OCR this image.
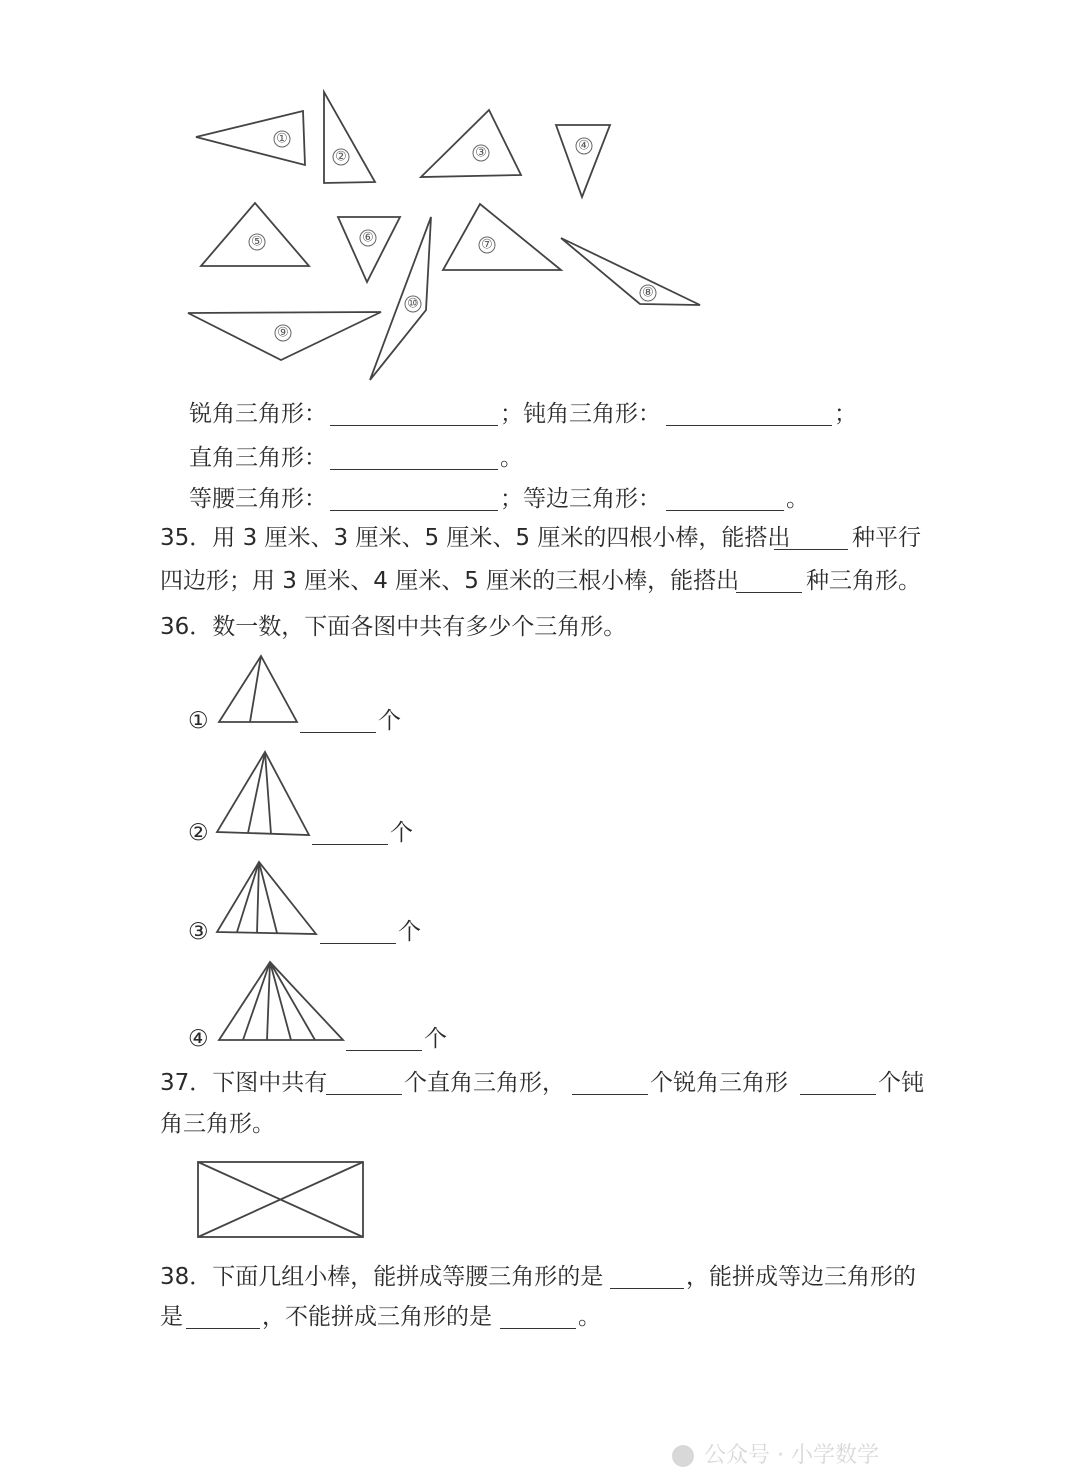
①
②	③	④
⑤	⑥	⑦
⑧
⑨
⑩
锐角三角形：	； 钝角三角形：	；
直角三角形：	。
等腰三角形：	； 等边三角形：	。
35．用 3 厘米、3 厘米、5 厘米、5 厘米的四根小棒，能搭出	种平行
四边形；用 3 厘米、4 厘米、5 厘米的三根小棒，能搭出	种三角形。
36．数一数，下面各图中共有多少个三角形。
①	个
②	个
③	个
④	个
37．下图中共有	个直角三角形，	个锐角三角形	个钝
角三角形。
38．下面几组小棒，能拼成等腰三角形的是	，能拼成等边三角形的
是	，不能拼成三角形的是	。
公众号 · 小学数学
